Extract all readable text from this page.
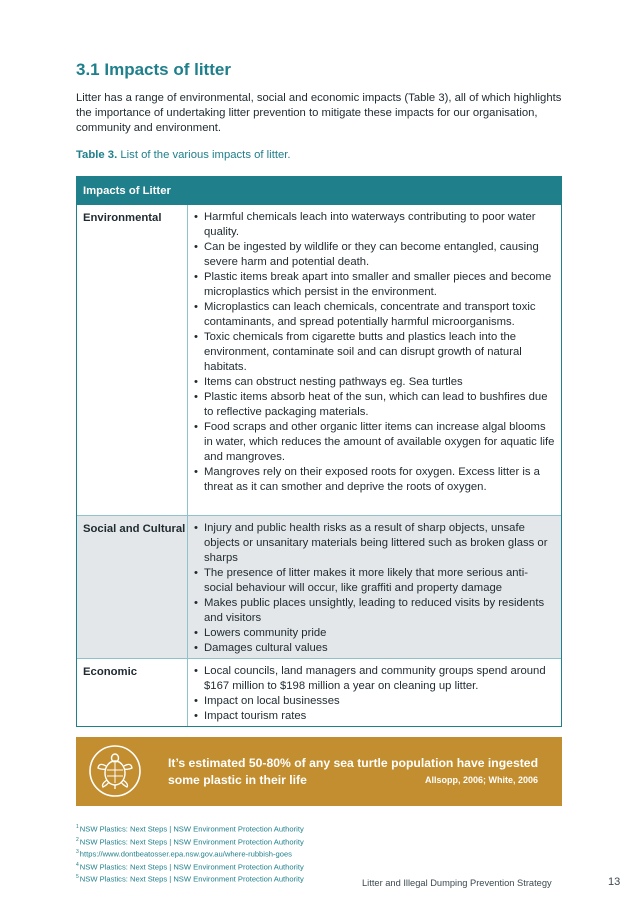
3.1 Impacts of litter

Litter has a range of environmental, social and economic impacts (Table 3), all of which highlights the importance of undertaking litter prevention to mitigate these impacts for our organisation, community and environment.

Table 3. List of the various impacts of litter.

Impacts of Litter
Environmental	• Harmful chemicals leach into waterways contributing to poor water quality.
• Can be ingested by wildlife or they can become entangled, causing severe harm and potential death.
• Plastic items break apart into smaller and smaller pieces and become microplastics which persist in the environment.
• Microplastics can leach chemicals, concentrate and transport toxic contaminants, and spread potentially harmful microorganisms.
• Toxic chemicals from cigarette butts and plastics leach into the environment, contaminate soil and can disrupt growth of natural habitats.
• Items can obstruct nesting pathways eg. Sea turtles
• Plastic items absorb heat of the sun, which can lead to bushfires due to reflective packaging materials.
• Food scraps and other organic litter items can increase algal blooms in water, which reduces the amount of available oxygen for aquatic life and mangroves.
• Mangroves rely on their exposed roots for oxygen. Excess litter is a threat as it can smother and deprive the roots of oxygen.
Social and Cultural	• Injury and public health risks as a result of sharp objects, unsafe objects or unsanitary materials being littered such as broken glass or sharps
• The presence of litter makes it more likely that more serious anti-social behaviour will occur, like graffiti and property damage
• Makes public places unsightly, leading to reduced visits by residents and visitors
• Lowers community pride
• Damages cultural values
Economic	• Local councils, land managers and community groups spend around $167 million to $198 million a year on cleaning up litter.
• Impact on local businesses
• Impact tourism rates
It’s estimated 50-80% of any sea turtle population have ingested some plastic in their life	Allsopp, 2006; White, 2006
$^1$NSW Plastics: Next Steps | NSW Environment Protection Authority
$^2$NSW Plastics: Next Steps | NSW Environment Protection Authority
$^3$https://www.dontbeatosser.epa.nsw.gov.au/where-rubbish-goes
$^4$NSW Plastics: Next Steps | NSW Environment Protection Authority
$^5$NSW Plastics: Next Steps | NSW Environment Protection Authority	Litter and Illegal Dumping Prevention Strategy	13
